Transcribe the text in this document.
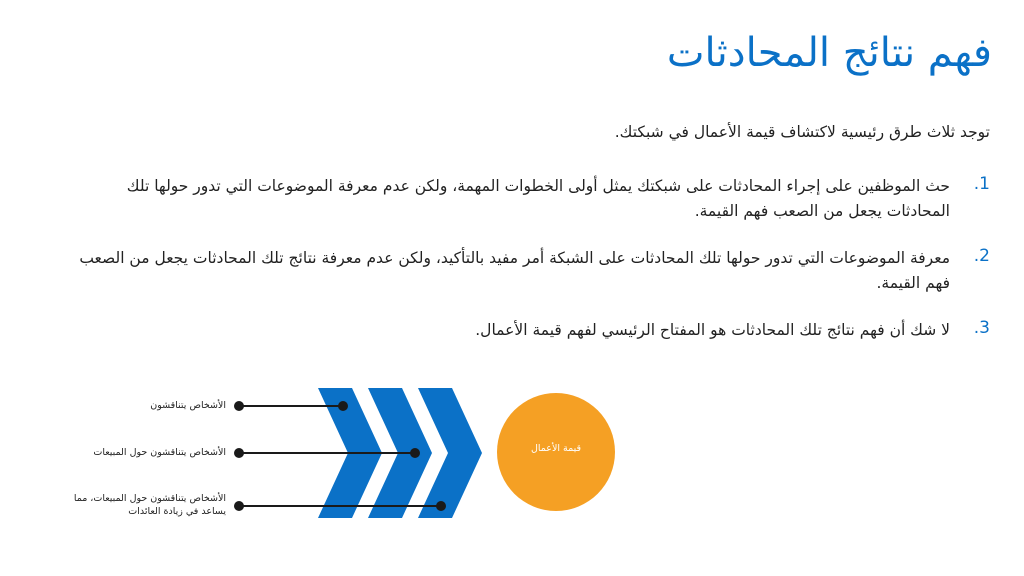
فهم نتائج المحادثات

توجد ثلاث طرق رئيسية لاكتشاف قيمة الأعمال في شبكتك.

1.
حث الموظفين على إجراء المحادثات على شبكتك يمثل أولى الخطوات المهمة، ولكن عدم معرفة الموضوعات التي تدور حولها تلك المحادثات يجعل من الصعب فهم القيمة.
2.
معرفة الموضوعات التي تدور حولها تلك المحادثات على الشبكة أمر مفيد بالتأكيد، ولكن عدم معرفة نتائج تلك المحادثات يجعل من الصعب فهم القيمة.
3.
لا شك أن فهم نتائج تلك المحادثات هو المفتاح الرئيسي لفهم قيمة الأعمال.
الأشخاص يتناقشون
الأشخاص يتناقشون حول المبيعات
الأشخاص يتناقشون حول المبيعات، مما يساعد في زيادة العائدات
قيمة الأعمال
